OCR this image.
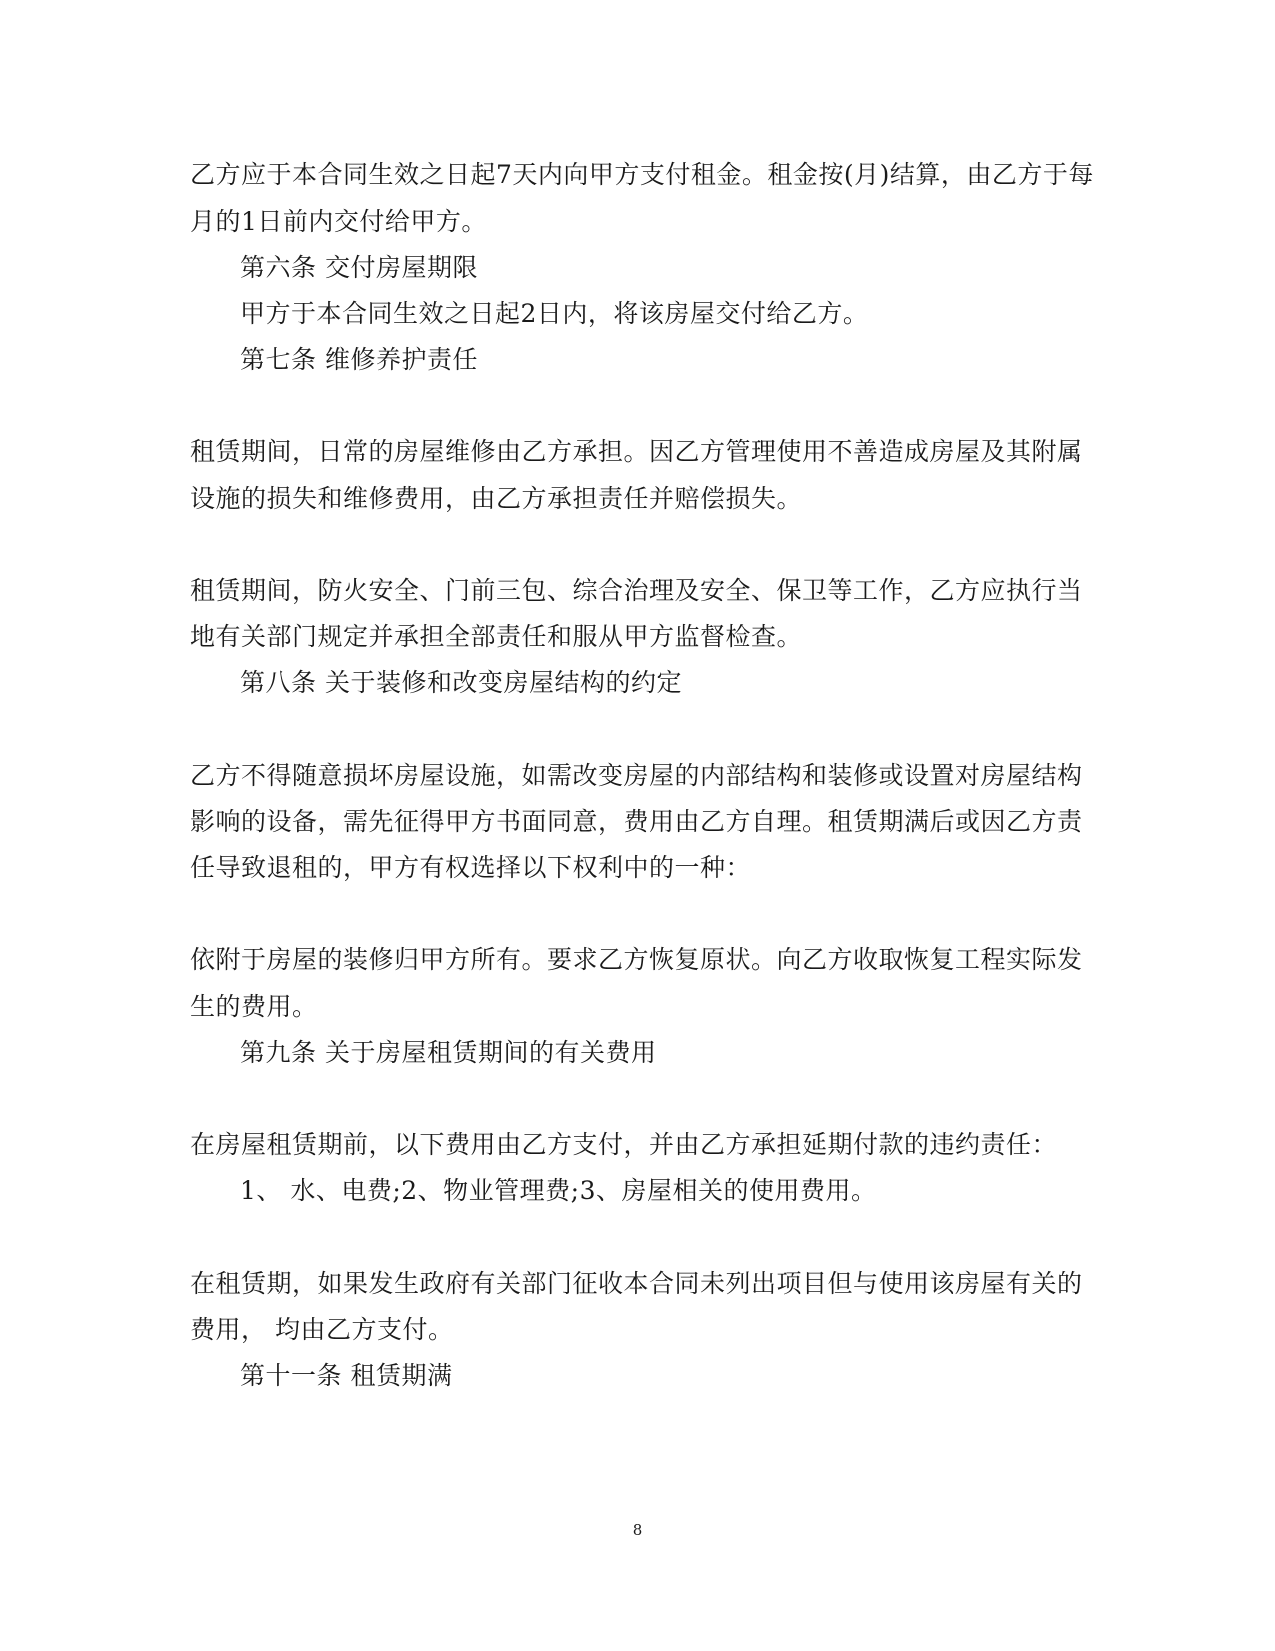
乙方应于本合同生效之日起7天内向甲方支付租金。租金按(月)结算，由乙方于每
月的1日前内交付给甲方。
第六条 交付房屋期限
甲方于本合同生效之日起2日内，将该房屋交付给乙方。
第七条 维修养护责任
租赁期间，日常的房屋维修由乙方承担。因乙方管理使用不善造成房屋及其附属
设施的损失和维修费用，由乙方承担责任并赔偿损失。
租赁期间，防火安全、门前三包、综合治理及安全、保卫等工作，乙方应执行当
地有关部门规定并承担全部责任和服从甲方监督检查。
第八条 关于装修和改变房屋结构的约定
乙方不得随意损坏房屋设施，如需改变房屋的内部结构和装修或设置对房屋结构
影响的设备，需先征得甲方书面同意，费用由乙方自理。租赁期满后或因乙方责
任导致退租的，甲方有权选择以下权利中的一种：
依附于房屋的装修归甲方所有。要求乙方恢复原状。向乙方收取恢复工程实际发
生的费用。
第九条 关于房屋租赁期间的有关费用
在房屋租赁期前，以下费用由乙方支付，并由乙方承担延期付款的违约责任：
1、 水、电费;2、物业管理费;3、房屋相关的使用费用。
在租赁期，如果发生政府有关部门征收本合同未列出项目但与使用该房屋有关的
费用， 均由乙方支付。
第十一条 租赁期满
8
